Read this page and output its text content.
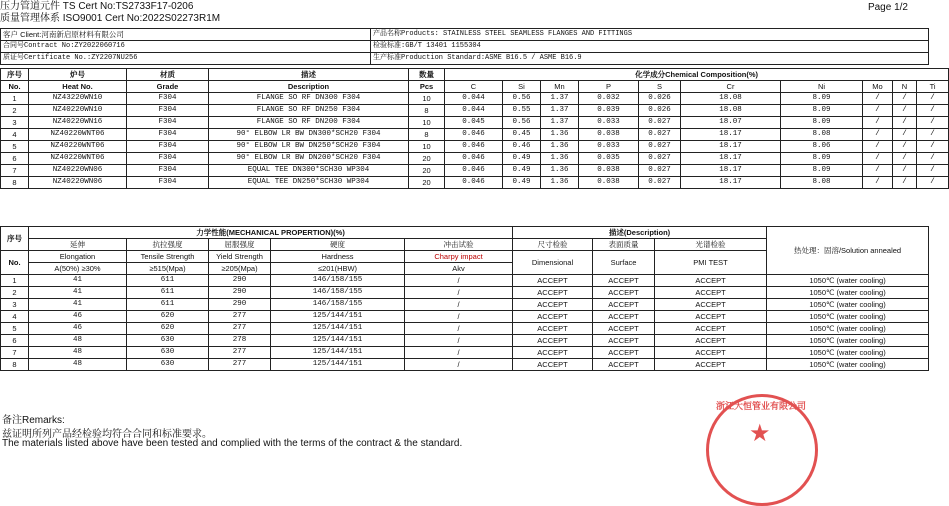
压力管道元件 TS Cert No:TS2733F17-0206
质量管理体系 ISO9001 Cert No:2022S02273R1M
Page 1/2
客户 Client:河南新启原材料有限公司	产品名称Products: STAINLESS STEEL SEAMLESS FLANGES AND FITTINGS
合同号Contract No:ZY2022060716	检验标准:GB/T 13401 1155304
质证号Certificate No.:ZY2207NU256	生产标准Production Standard:ASME B16.5 / ASME B16.9
序号	炉号	材质	描述	数量	化学成分Chemical Composition(%)									
No.	Heat No.	Grade	Description	Pcs	C	Si	Mn	P	S	Cr	Ni	Mo	N	Ti
1	NZ43220WN10	F304	FLANGE SO RF DN300 F304	10	0.044	0.56	1.37	0.032	0.026	18.08	8.09	/	/	/
2	NZ40220WN10	F304	FLANGE SO RF DN250 F304	8	0.044	0.55	1.37	0.039	0.026	18.08	8.09	/	/	/
3	NZ40220WN16	F304	FLANGE SO RF DN200 F304	10	0.045	0.56	1.37	0.033	0.027	18.07	8.09	/	/	/
4	NZ40220WNT06	F304	90° ELBOW LR BW DN300*SCH20 F304	8	0.046	0.45	1.36	0.038	0.027	18.17	8.08	/	/	/
5	NZ40220WNT06	F304	90° ELBOW LR BW DN250*SCH20 F304	10	0.046	0.46	1.36	0.033	0.027	18.17	8.06	/	/	/
6	NZ40220WNT06	F304	90° ELBOW LR BW DN200*SCH20 F304	20	0.046	0.49	1.36	0.035	0.027	18.17	8.09	/	/	/
7	NZ40220WN06	F304	EQUAL TEE DN300*SCH30 WP304	20	0.046	0.49	1.36	0.038	0.027	18.17	8.09	/	/	/
8	NZ40220WN06	F304	EQUAL TEE DN250*SCH30 WP304	20	0.046	0.49	1.36	0.038	0.027	18.17	8.08	/	/	/
序号	力学性能(MECHANICAL PROPERTION)(%)					描述(Description)			热处理：固溶/Solution annealed
	延伸	抗拉强度	屈服强度	硬度	冲击试验	尺寸检验	表面质量	光谱检验	
No.	Elongation	Tensile Strength	Yield Strength	Hardness	Charpy impact	Dimensional	Surface	PMI TEST	
	A(50%) ≥30%	≥515(Mpa)	≥205(Mpa)	≤201(HBW)	Akv				
1	41	611	290	146/158/155	/	ACCEPT	ACCEPT	ACCEPT	1050℃ (water cooling)
2	41	611	290	146/158/155	/	ACCEPT	ACCEPT	ACCEPT	1050℃ (water cooling)
3	41	611	290	146/158/155	/	ACCEPT	ACCEPT	ACCEPT	1050℃ (water cooling)
4	46	620	277	125/144/151	/	ACCEPT	ACCEPT	ACCEPT	1050℃ (water cooling)
5	46	620	277	125/144/151	/	ACCEPT	ACCEPT	ACCEPT	1050℃ (water cooling)
6	48	630	278	125/144/151	/	ACCEPT	ACCEPT	ACCEPT	1050℃ (water cooling)
7	48	630	277	125/144/151	/	ACCEPT	ACCEPT	ACCEPT	1050℃ (water cooling)
8	48	630	277	125/144/151	/	ACCEPT	ACCEPT	ACCEPT	1050℃ (water cooling)
备注Remarks:
兹证明所列产品经检验均符合合同和标准要求。
The materials listed above have been tested and complied with the terms of the contract & the standard.
浙江大恒管业有限公司
★
